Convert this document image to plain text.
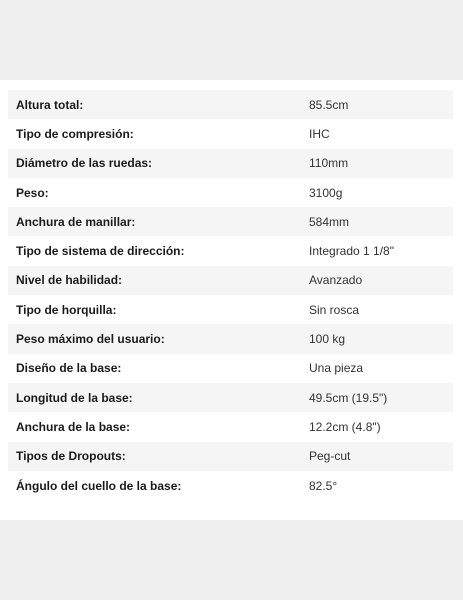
Altura total:	85.5cm
Tipo de compresión:	IHC
Diámetro de las ruedas:	110mm
Peso:	3100g
Anchura de manillar:	584mm
Tipo de sistema de dirección:	Integrado 1 1/8"
Nivel de habilidad:	Avanzado
Tipo de horquilla:	Sin rosca
Peso máximo del usuario:	100 kg
Diseño de la base:	Una pieza
Longitud de la base:	49.5cm (19.5")
Anchura de la base:	12.2cm (4.8")
Tipos de Dropouts:	Peg-cut
Ángulo del cuello de la base:	82.5°
